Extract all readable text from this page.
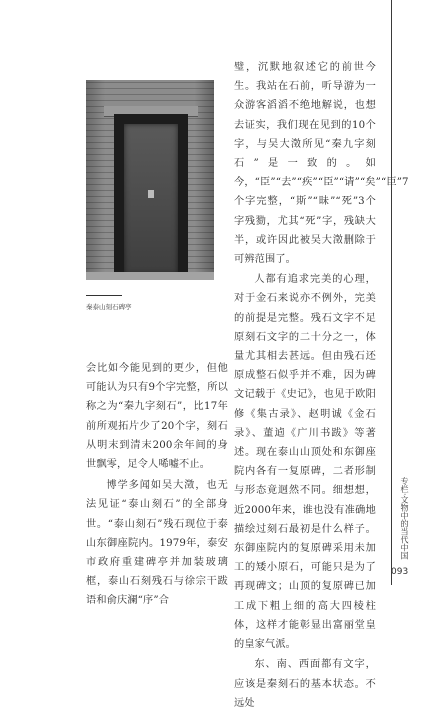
秦泰山刻石碑亭

会比如今能见到的更少，但他可能认为只有9个字完整，所以称之为“秦九字刻石”，比17年前所观拓片少了20个字，刻石从明末到清末200余年间的身世飘零，足令人唏嘘不止。

博学多闻如吴大澂，也无法见证“泰山刻石”的全部身世。“泰山刻石”残石现位于泰山东御座院内。1979年，泰安市政府重建碑亭并加装玻璃框，泰山石刻残石与徐宗干跋语和俞庆澜“序”合

璧，沉默地叙述它的前世今生。我站在石前，听导游为一众游客滔滔不绝地解说，也想去证实，我们现在见到的10个字，与吴大澂所见“秦九字刻石”是一致的。如今，“臣”“去”“疾”“臣”“请”“矣”“臣”7个字完整，“斯”“昧”“死”3个字残勠，尤其“死”字，残缺大半，或许因此被吴大澂删除于可辨范围了。

人都有追求完美的心理，对于金石来说亦不例外，完美的前提是完整。残石文字不足原刻石文字的二十分之一，体量尤其相去甚远。但由残石还原成整石似乎并不难，因为碑文记载于《史记》，也见于欧阳修《集古录》、赵明诚《金石录》、董逌《广川书跋》等著述。现在泰山山顶处和东御座院内各有一复原碑，二者形制与形态竟迥然不同。细想想，近2000年来，谁也没有准确地描绘过刻石最初是什么样子。东御座院内的复原碑采用未加工的矮小原石，可能只是为了再现碑文；山顶的复原碑已加工成下粗上细的高大四棱柱体，这样才能彰显出富丽堂皇的皇家气派。

东、南、西面都有文字，应该是秦刻石的基本状态。不远处

专栏·文物中的当代中国
093
